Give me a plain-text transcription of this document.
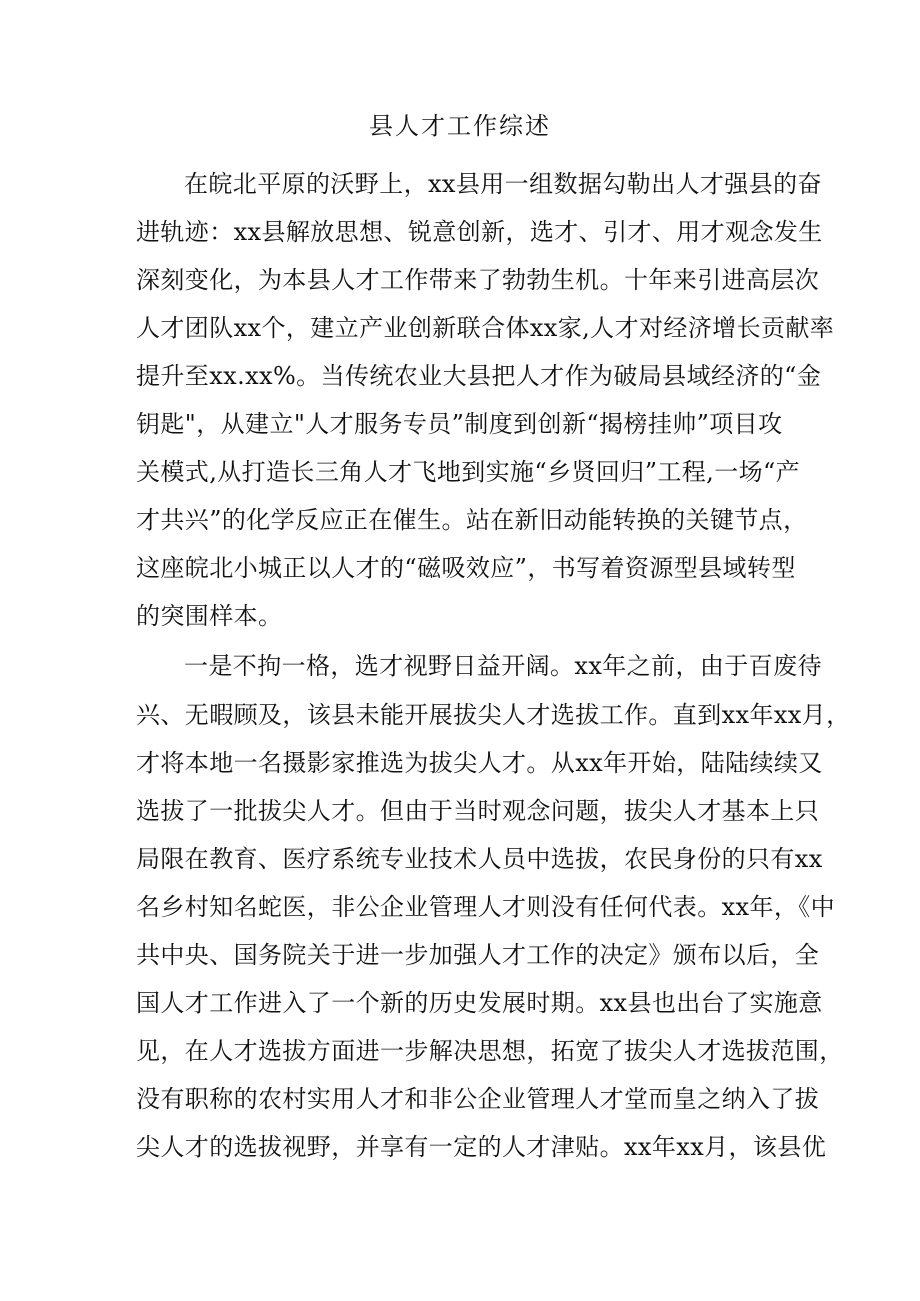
县人才工作综述
在皖北平原的沃野上，xx县用一组数据勾勒出人才强县的奋
进轨迹：xx县解放思想、锐意创新，选才、引才、用才观念发生
深刻变化，为本县人才工作带来了勃勃生机。十年来引进高层次
人才团队xx个，建立产业创新联合体xx家,人才对经济增长贡献率
提升至xx.xx%。当传统农业大县把人才作为破局县域经济的“金
钥匙"，从建立"人才服务专员”制度到创新“揭榜挂帅”项目攻
关模式,从打造长三角人才飞地到实施“乡贤回归”工程,一场“产
才共兴”的化学反应正在催生。站在新旧动能转换的关键节点，
这座皖北小城正以人才的“磁吸效应”，书写着资源型县域转型
的突围样本。
一是不拘一格，选才视野日益开阔。xx年之前，由于百废待
兴、无暇顾及，该县未能开展拔尖人才选拔工作。直到xx年xx月，
才将本地一名摄影家推选为拔尖人才。从xx年开始，陆陆续续又
选拔了一批拔尖人才。但由于当时观念问题，拔尖人才基本上只
局限在教育、医疗系统专业技术人员中选拔，农民身份的只有xx
名乡村知名蛇医，非公企业管理人才则没有任何代表。xx年，《中
共中央、国务院关于进一步加强人才工作的决定》颁布以后，全
国人才工作进入了一个新的历史发展时期。xx县也出台了实施意
见，在人才选拔方面进一步解决思想，拓宽了拔尖人才选拔范围，
没有职称的农村实用人才和非公企业管理人才堂而皇之纳入了拔
尖人才的选拔视野，并享有一定的人才津贴。xx年xx月，该县优
